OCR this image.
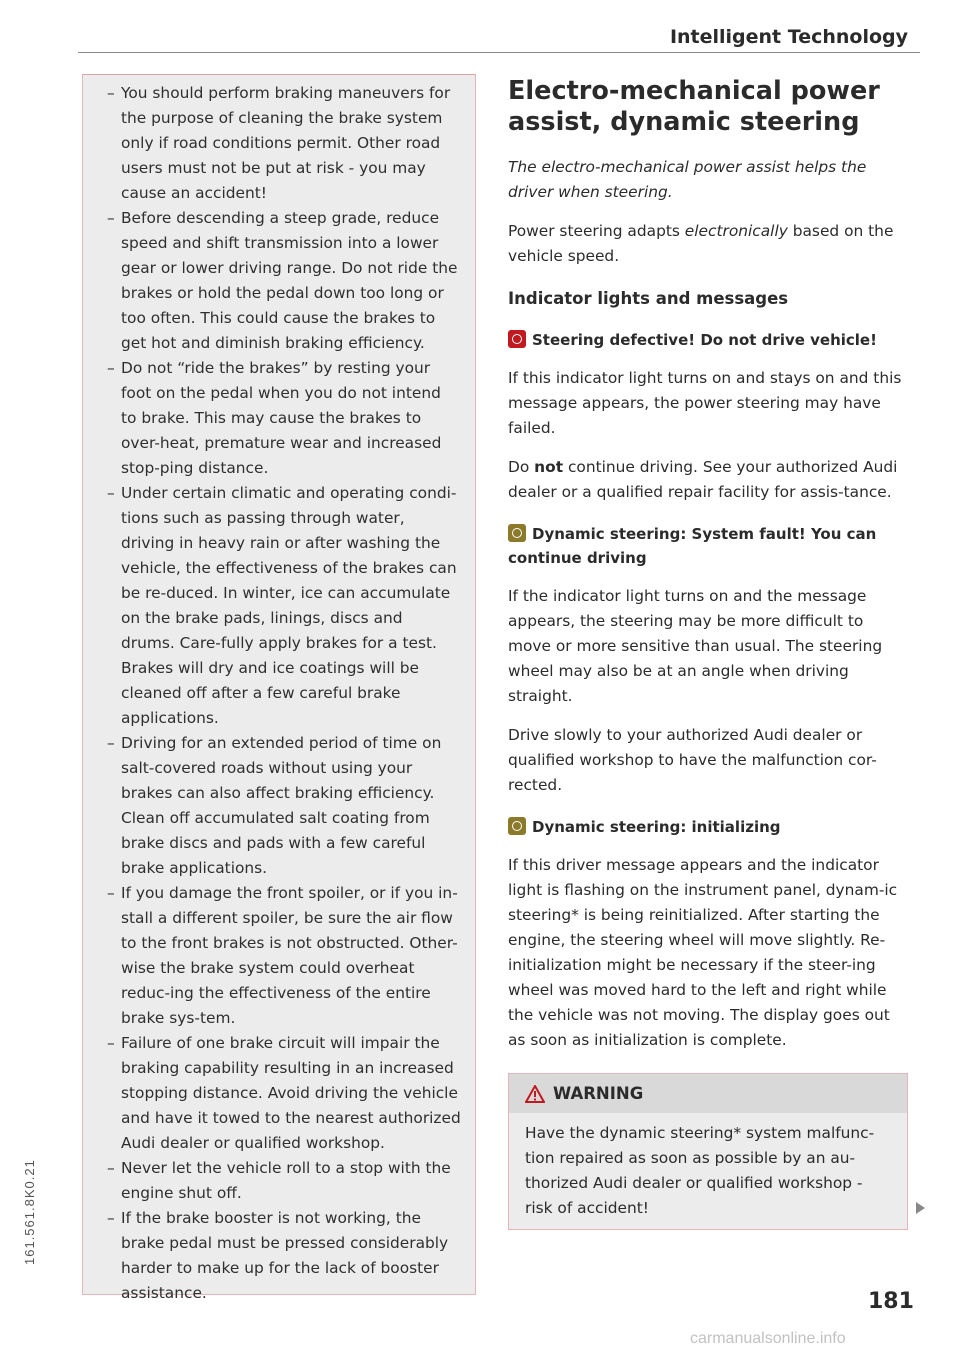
Intelligent Technology
161.561.8K0.21
– You should perform braking maneuvers for the purpose of cleaning the brake system only if road conditions permit. Other road users must not be put at risk - you may cause an accident!
– Before descending a steep grade, reduce speed and shift transmission into a lower gear or lower driving range. Do not ride the brakes or hold the pedal down too long or too often. This could cause the brakes to get hot and diminish braking efficiency.
– Do not “ride the brakes” by resting your foot on the pedal when you do not intend to brake. This may cause the brakes to over-heat, premature wear and increased stop-ping distance.
– Under certain climatic and operating condi-tions such as passing through water, driving in heavy rain or after washing the vehicle, the effectiveness of the brakes can be re-duced. In winter, ice can accumulate on the brake pads, linings, discs and drums. Care-fully apply brakes for a test. Brakes will dry and ice coatings will be cleaned off after a few careful brake applications.
– Driving for an extended period of time on salt-covered roads without using your brakes can also affect braking efficiency. Clean off accumulated salt coating from brake discs and pads with a few careful brake applications.
– If you damage the front spoiler, or if you in-stall a different spoiler, be sure the air flow to the front brakes is not obstructed. Other-wise the brake system could overheat reduc-ing the effectiveness of the entire brake sys-tem.
– Failure of one brake circuit will impair the braking capability resulting in an increased stopping distance. Avoid driving the vehicle and have it towed to the nearest authorized Audi dealer or qualified workshop.
– Never let the vehicle roll to a stop with the engine shut off.
– If the brake booster is not working, the brake pedal must be pressed considerably harder to make up for the lack of booster assistance.
Electro-mechanical power assist, dynamic steering

The electro-mechanical power assist helps the driver when steering.

Power steering adapts electronically based on the vehicle speed.

Indicator lights and messages
Steering defective! Do not drive vehicle!

If this indicator light turns on and stays on and this message appears, the power steering may have failed.

Do not continue driving. See your authorized Audi dealer or a qualified repair facility for assis-tance.

Dynamic steering: System fault! You can continue driving

If the indicator light turns on and the message appears, the steering may be more difficult to move or more sensitive than usual. The steering wheel may also be at an angle when driving straight.

Drive slowly to your authorized Audi dealer or qualified workshop to have the malfunction cor-rected.

Dynamic steering: initializing

If this driver message appears and the indicator light is flashing on the instrument panel, dynam-ic steering* is being reinitialized. After starting the engine, the steering wheel will move slightly. Re-initialization might be necessary if the steer-ing wheel was moved hard to the left and right while the vehicle was not moving. The display goes out as soon as initialization is complete.

WARNING
Have the dynamic steering* system malfunc-tion repaired as soon as possible by an au-thorized Audi dealer or qualified workshop - risk of accident!
181
carmanualsonline.info
